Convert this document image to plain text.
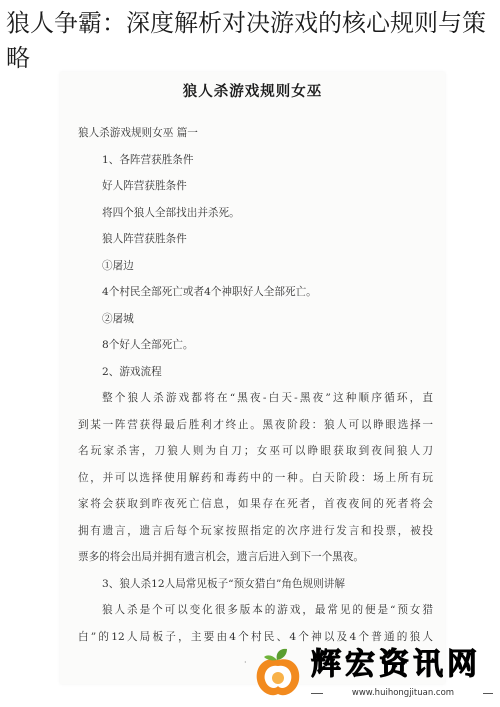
狼人争霸：深度解析对决游戏的核心规则与策略
狼人杀游戏规则女巫
狼人杀游戏规则女巫 篇一
1、各阵营获胜条件
好人阵营获胜条件
将四个狼人全部找出并杀死。
狼人阵营获胜条件
①屠边
4个村民全部死亡或者4个神职好人全部死亡。
②屠城
8个好人全部死亡。
2、游戏流程
整个狼人杀游戏都将在“黑夜-白天-黑夜”这种顺序循环，直
到某一阵营获得最后胜利才终止。黑夜阶段：狼人可以睁眼选择一
名玩家杀害，刀狼人则为自刀；女巫可以睁眼获取到夜间狼人刀
位，并可以选择使用解药和毒药中的一种。白天阶段：场上所有玩
家将会获取到昨夜死亡信息，如果存在死者，首夜夜间的死者将会
拥有遗言，遗言后每个玩家按照指定的次序进行发言和投票，被投
票多的将会出局并拥有遗言机会，遗言后进入到下一个黑夜。
3、狼人杀12人局常见板子“预女猎白”角色规则讲解
狼人杀是个可以变化很多版本的游戏，最常见的便是“预女猎
白”的12人局板子，主要由4个村民、4个神以及4个普通的狼人
· 辉宏资讯网
www.huihongjituan.com
